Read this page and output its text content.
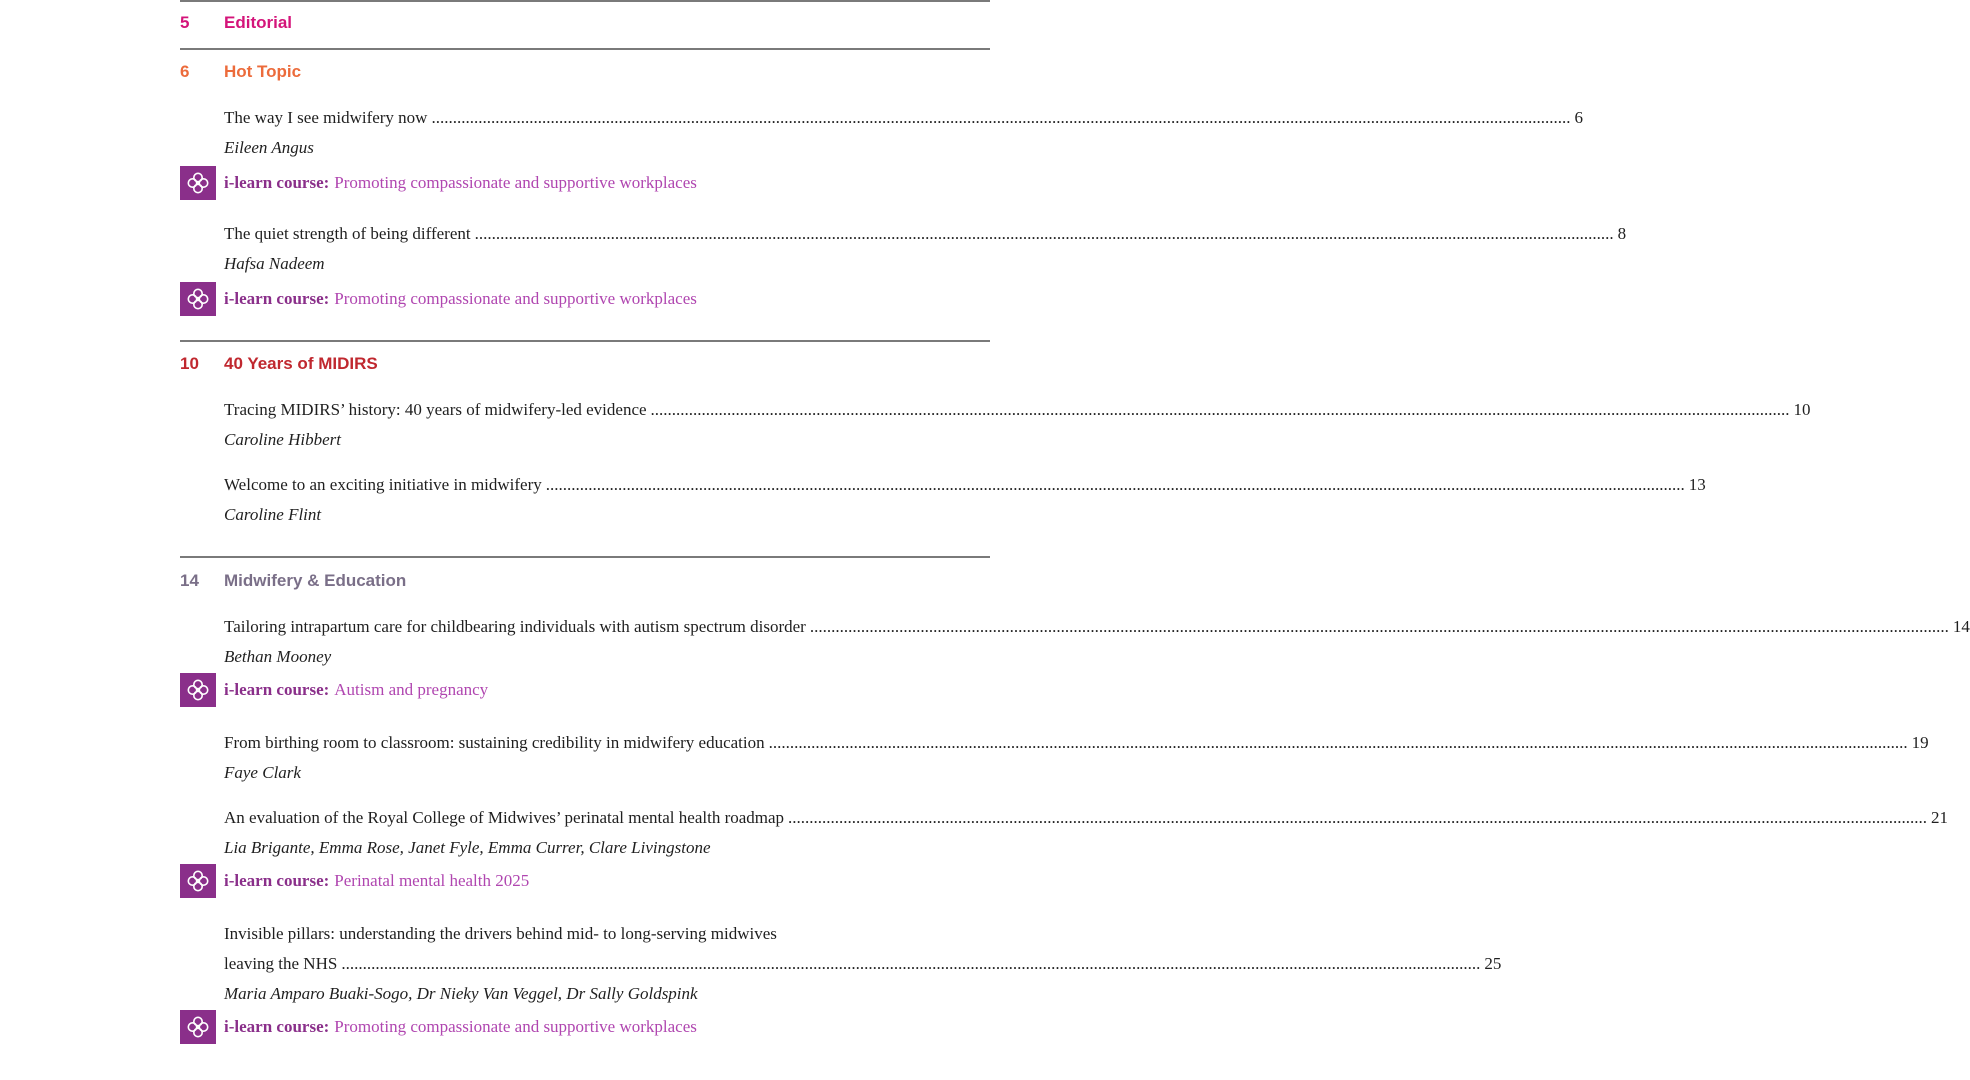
5 Editorial
6 Hot Topic
The way I see midwifery now .....	6
Eileen Angus
i-learn course: Promoting compassionate and supportive workplaces
The quiet strength of being different .....	8
Hafsa Nadeem
i-learn course: Promoting compassionate and supportive workplaces
10 40 Years of MIDIRS
Tracing MIDIRS’ history: 40 years of midwifery-led evidence .....	10
Caroline Hibbert
Welcome to an exciting initiative in midwifery .....	13
Caroline Flint
14 Midwifery & Education
Tailoring intrapartum care for childbearing individuals with autism spectrum disorder .....	14
Bethan Mooney
i-learn course: Autism and pregnancy
From birthing room to classroom: sustaining credibility in midwifery education .....	19
Faye Clark
An evaluation of the Royal College of Midwives’ perinatal mental health roadmap .....	21
Lia Brigante, Emma Rose, Janet Fyle, Emma Currer, Clare Livingstone
i-learn course: Perinatal mental health 2025
Invisible pillars: understanding the drivers behind mid- to long-serving midwives
leaving the NHS .....	25
Maria Amparo Buaki-Sogo, Dr Nieky Van Veggel, Dr Sally Goldspink
i-learn course: Promoting compassionate and supportive workplaces
